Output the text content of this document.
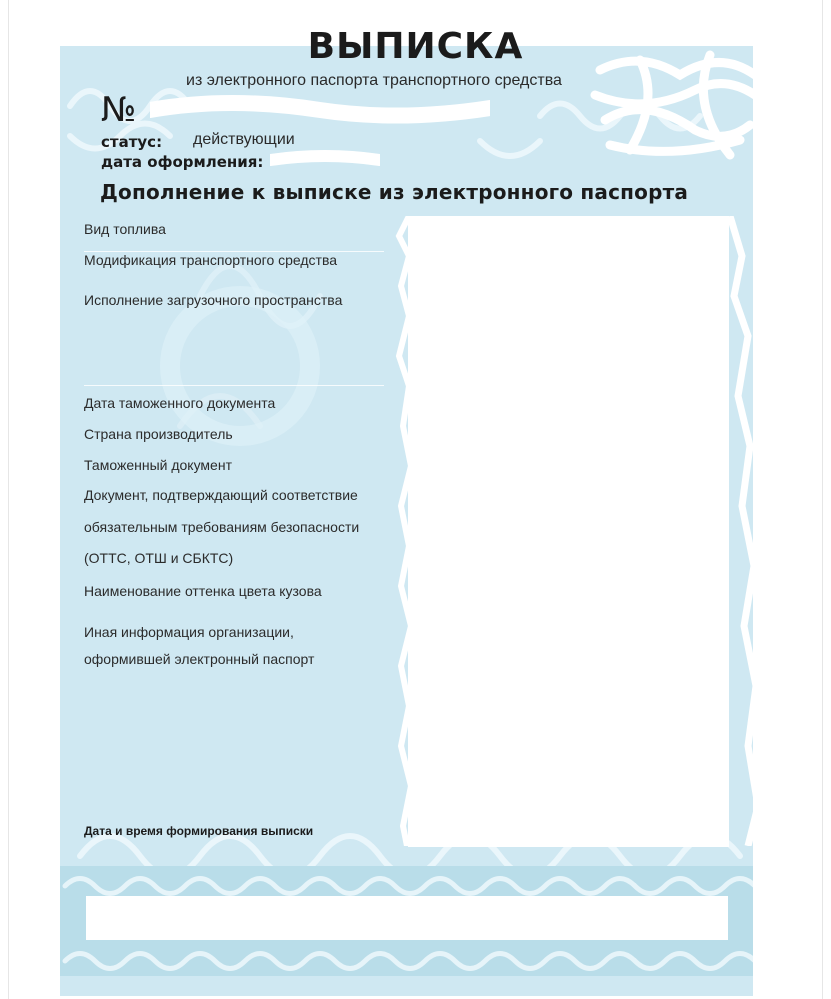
ВЫПИСКА
из электронного паспорта транспортного средства
№
статус: действующии
дата оформления:
Дополнение к выписке из электронного паспорта
Вид топлива
Модификация транспортного средства
Исполнение загрузочного пространства
Дата таможенного документа
Страна производитель
Таможенный документ
Документ, подтверждающий соответствие
обязательным требованиям безопасности
(ОТТС, ОТШ и СБКТС)
Наименование оттенка цвета кузова
Иная информация организации,
оформившей электронный паспорт
Дата и время формирования выписки
